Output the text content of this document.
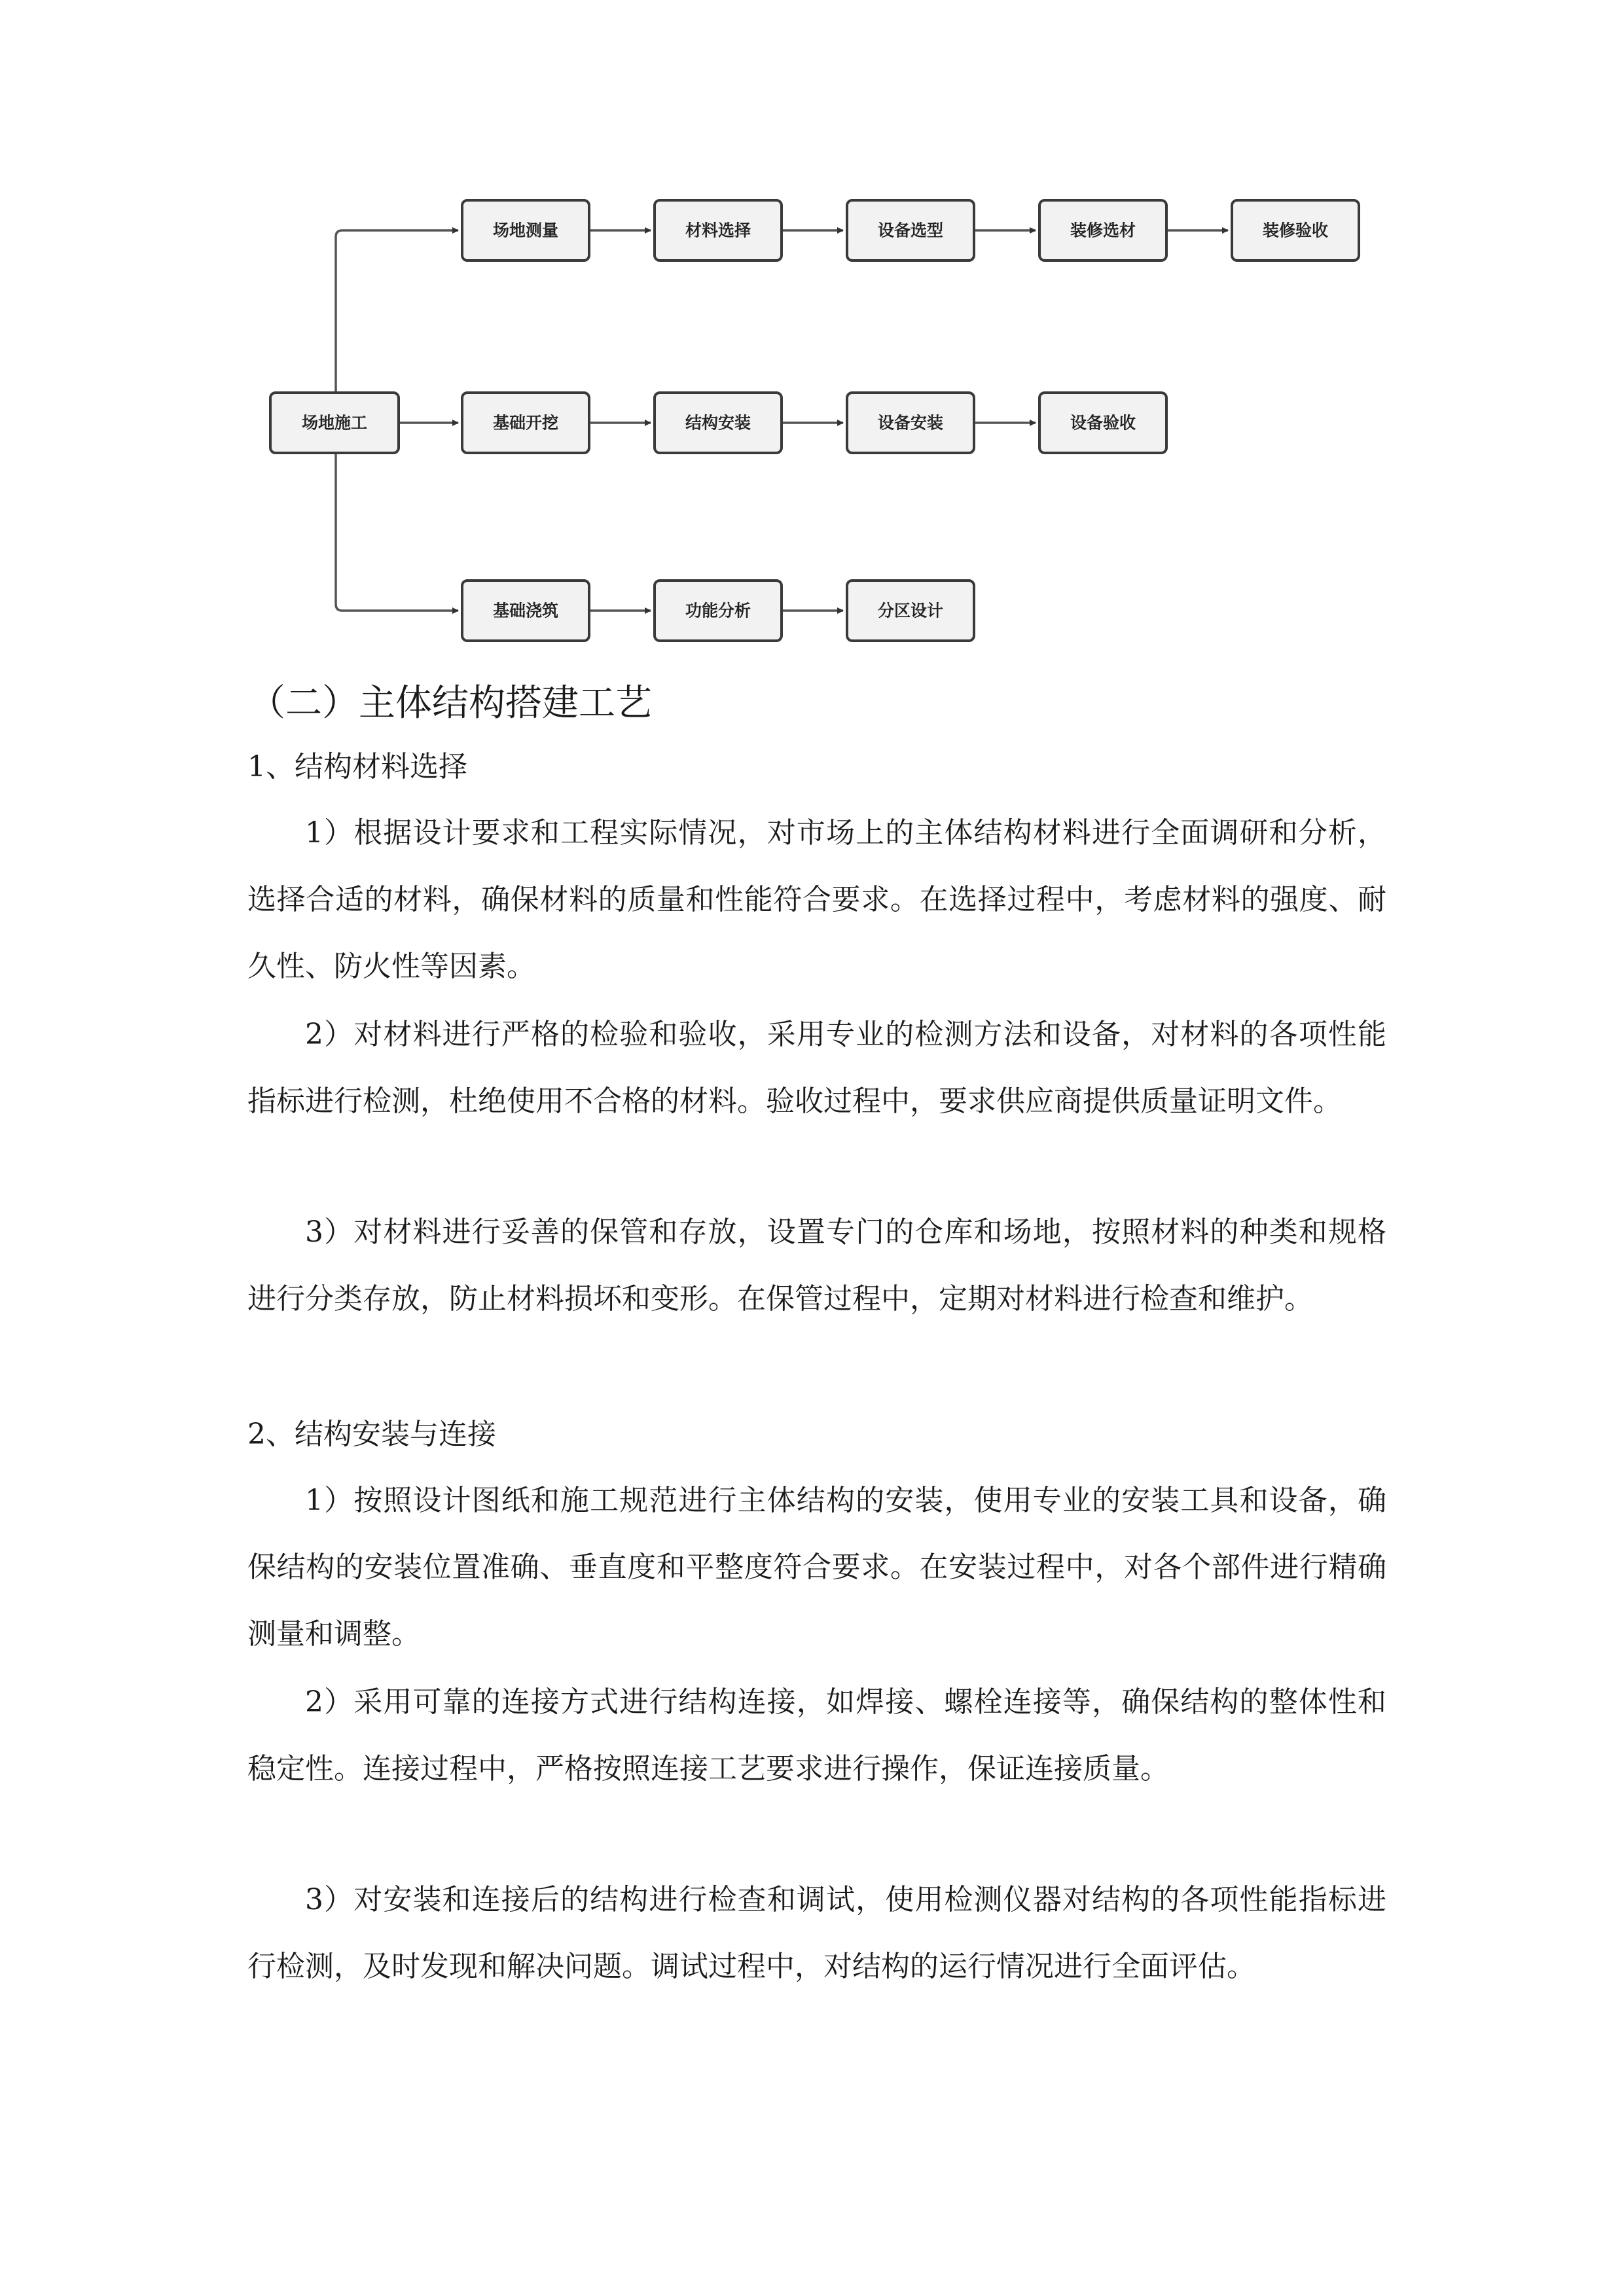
场地施工
场地测量	材料选择	设备选型	装修选材	装修验收
基础开挖	结构安装	设备安装	设备验收
基础浇筑	功能分析	分区设计
（二）主体结构搭建工艺
1、结构材料选择

1）根据设计要求和工程实际情况，对市场上的主体结构材料进行全面调研和分析，选择合适的材料，确保材料的质量和性能符合要求。在选择过程中，考虑材料的强度、耐久性、防火性等因素。

2）对材料进行严格的检验和验收，采用专业的检测方法和设备，对材料的各项性能指标进行检测，杜绝使用不合格的材料。验收过程中，要求供应商提供质量证明文件。

3）对材料进行妥善的保管和存放，设置专门的仓库和场地，按照材料的种类和规格进行分类存放，防止材料损坏和变形。在保管过程中，定期对材料进行检查和维护。

2、结构安装与连接

1）按照设计图纸和施工规范进行主体结构的安装，使用专业的安装工具和设备，确保结构的安装位置准确、垂直度和平整度符合要求。在安装过程中，对各个部件进行精确测量和调整。

2）采用可靠的连接方式进行结构连接，如焊接、螺栓连接等，确保结构的整体性和稳定性。连接过程中，严格按照连接工艺要求进行操作，保证连接质量。

3）对安装和连接后的结构进行检查和调试，使用检测仪器对结构的各项性能指标进行检测，及时发现和解决问题。调试过程中，对结构的运行情况进行全面评估。
